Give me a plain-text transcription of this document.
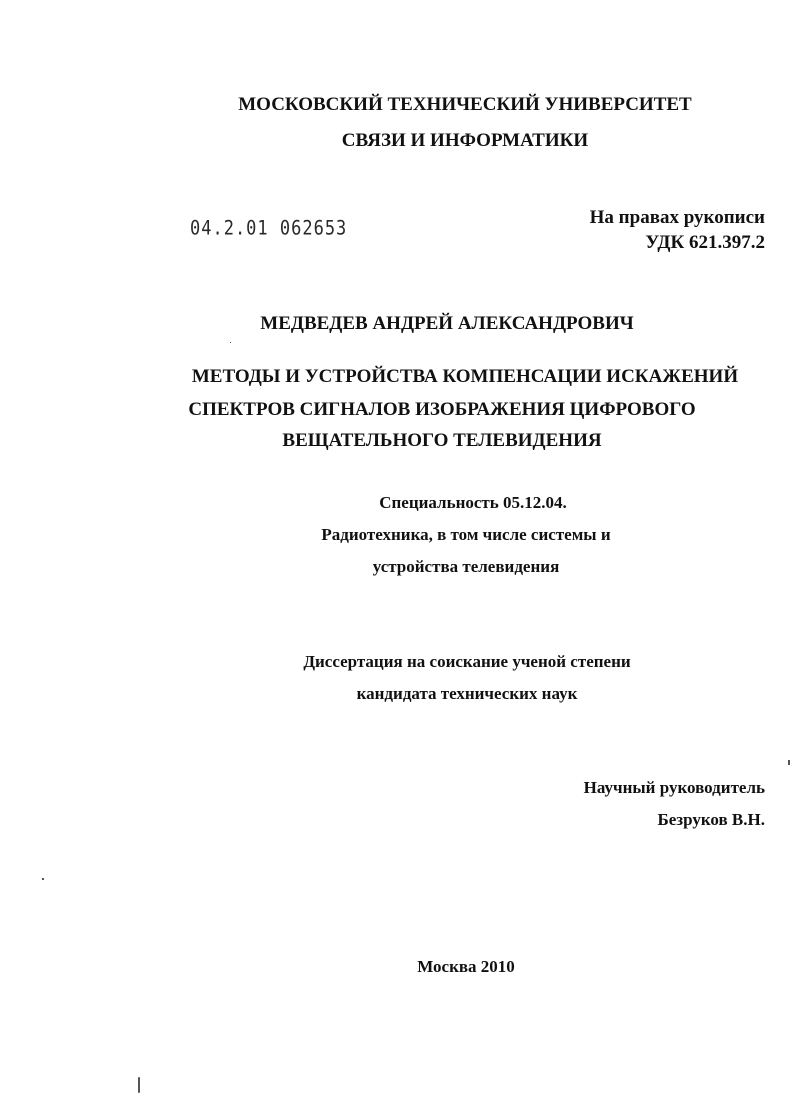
МОСКОВСКИЙ ТЕХНИЧЕСКИЙ УНИВЕРСИТЕТ
СВЯЗИ И ИНФОРМАТИКИ
04.2.01 062653	На правах рукописи
УДК 621.397.2
МЕДВЕДЕВ АНДРЕЙ АЛЕКСАНДРОВИЧ
МЕТОДЫ И УСТРОЙСТВА КОМПЕНСАЦИИ ИСКАЖЕНИЙ
СПЕКТРОВ СИГНАЛОВ ИЗОБРАЖЕНИЯ ЦИФРОВОГО
ВЕЩАТЕЛЬНОГО ТЕЛЕВИДЕНИЯ
Специальность 05.12.04.
Радиотехника, в том числе системы и
устройства телевидения
Диссертация на соискание ученой степени
кандидата технических наук
Научный руководитель
Безруков В.Н.
Москва 2010
